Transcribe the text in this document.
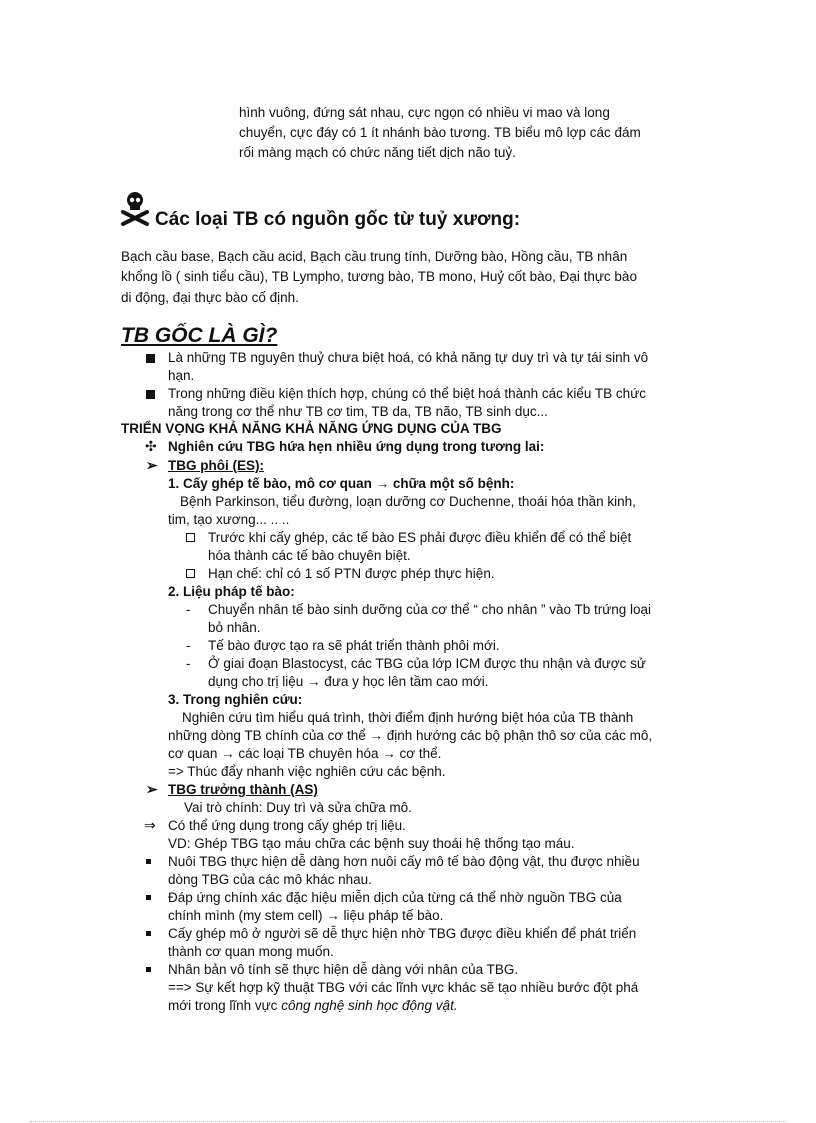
hình vuông, đứng sát nhau, cực ngọn có nhiều vi mao và long
chuyển, cực đáy có 1 ít nhánh bào tương. TB biểu mô lợp các đám
rối màng mạch có chức năng tiết dịch não tuỷ.
Các loại TB có nguồn gốc từ tuỷ xương:
Bạch cầu base, Bạch cầu acid, Bạch cầu trung tính, Dưỡng bào, Hồng cầu, TB nhân
khổng lồ ( sinh tiểu cầu), TB Lympho, tương bào, TB mono, Huỷ cốt bào, Đại thực bào
di động, đại thực bào cố định.
TB GỐC LÀ GÌ?
Là những TB nguyên thuỷ chưa biệt hoá, có khả năng tự duy trì và tự tái sinh vô
hạn.
Trong những điều kiện thích hợp, chúng có thể biệt hoá thành các kiểu TB chức
năng trong cơ thể như TB cơ tim, TB da, TB não, TB sinh dục...
TRIỂN VỌNG KHẢ NĂNG KHẢ NĂNG ỨNG DỤNG CỦA TBG
✣ Nghiên cứu TBG hứa hẹn nhiều ứng dụng trong tương lai:
➢ TBG phôi (ES):
1. Cấy ghép tế bào, mô cơ quan → chữa một số bệnh:
Bệnh Parkinson, tiểu đường, loạn dưỡng cơ Duchenne, thoái hóa thần kinh,
tim, tạo xương... .. ..
Trước khi cấy ghép, các tế bào ES phải được điều khiển để có thể biệt
hóa thành các tế bào chuyên biệt.
Hạn chế: chỉ có 1 số PTN được phép thực hiện.
2. Liệu pháp tế bào:
- Chuyển nhân tế bào sinh dưỡng của cơ thể “ cho nhân ” vào Tb trứng loại
bỏ nhân.
- Tế bào được tạo ra sẽ phát triển thành phôi mới.
- Ở giai đoạn Blastocyst, các TBG của lớp ICM được thu nhận và được sử
dụng cho trị liệu → đưa y học lên tầm cao mới.
3. Trong nghiên cứu:
Nghiên cứu tìm hiểu quá trình, thời điểm định hướng biệt hóa của TB thành
những dòng TB chính của cơ thể → định hướng các bộ phận thô sơ của các mô,
cơ quan → các loại TB chuyên hóa → cơ thể.
=> Thúc đẩy nhanh việc nghiên cứu các bệnh.
➢ TBG trưởng thành (AS)
Vai trò chính: Duy trì và sửa chữa mô.
⇒ Có thể ứng dụng trong cấy ghép trị liệu.
VD: Ghép TBG tạo máu chữa các bệnh suy thoái hệ thống tạo máu.
Nuôi TBG thực hiện dễ dàng hơn nuôi cấy mô tế bào động vật, thu được nhiều
dòng TBG của các mô khác nhau.
Đáp ứng chính xác đặc hiệu miễn dịch của từng cá thể nhờ nguồn TBG của
chính mình (my stem cell) → liệu pháp tế bào.
Cấy ghép mô ở người sẽ dễ thực hiện nhờ TBG được điều khiển để phát triển
thành cơ quan mong muốn.
Nhân bản vô tính sẽ thực hiện dễ dàng với nhân của TBG.
==> Sự kết hợp kỹ thuật TBG với các lĩnh vực khác sẽ tạo nhiều bước đột phá
mới trong lĩnh vực công nghệ sinh học động vật.
